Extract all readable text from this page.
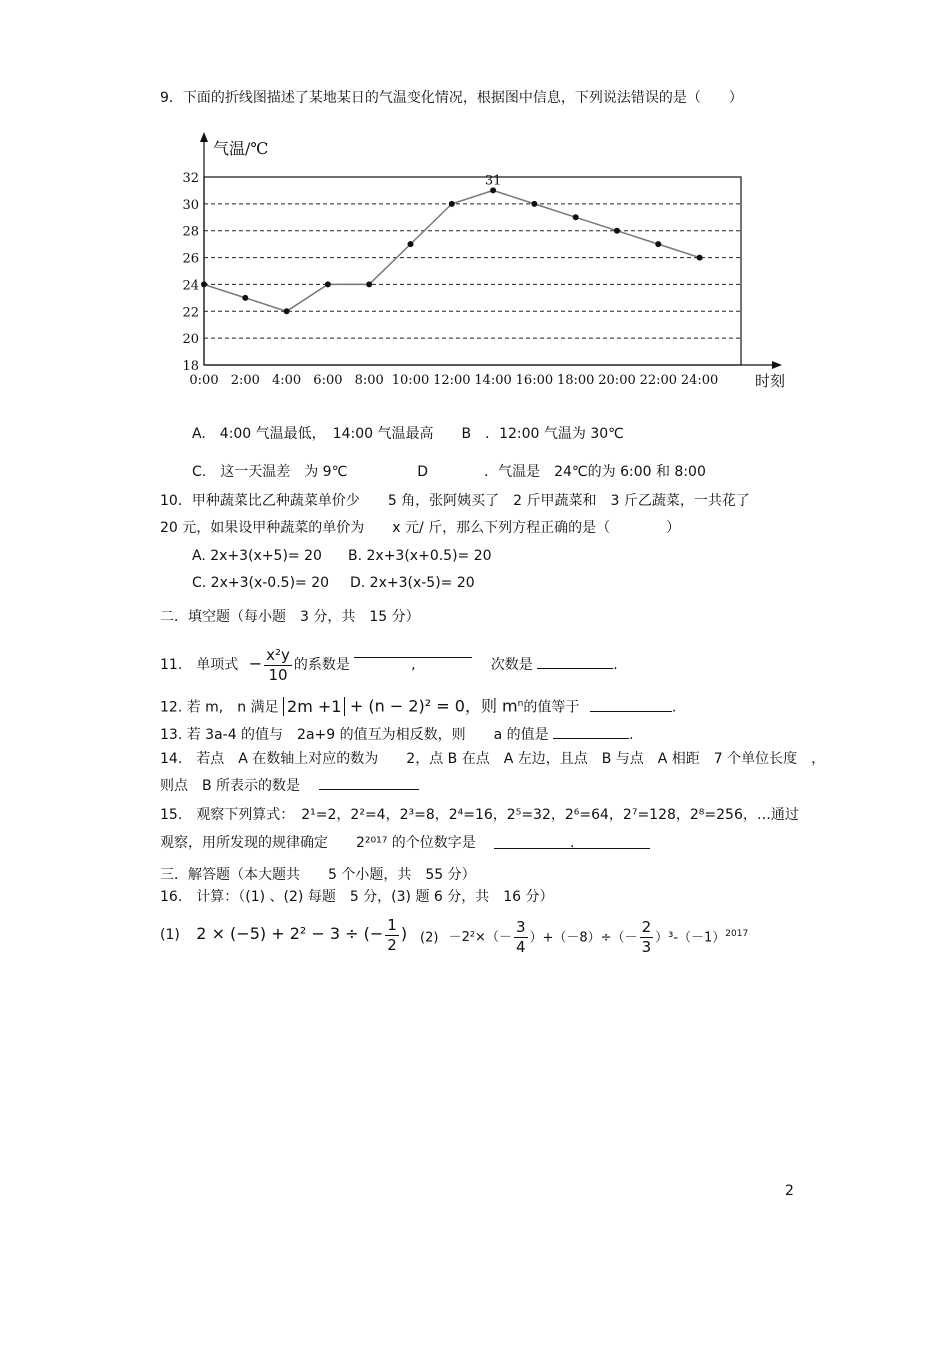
9．下面的折线图描述了某地某日的气温变化情况，根据图中信息，下列说法错误的是（　　）
气温/℃
时刻
18
20
22
24
26
28
30
32
0:00 2:00 4:00 6:00 8:00 10:00 12:00 14:00 16:00 18:00 20:00 22:00 24:00
31
A.　4:00 气温最低，　14:00 气温最高　　B　．12:00 气温为 30℃
C.　这一天温差　为 9℃　　　　　D　　　　．气温是　24℃的为 6:00 和 8:00
10．甲种蔬菜比乙种蔬菜单价少　　5 角，张阿姨买了　2 斤甲蔬菜和　3 斤乙蔬菜，一共花了
20 元，如果设甲种蔬菜的单价为　　x 元/ 斤，那么下列方程正确的是（　　　　）
A. 2x+3(x+5)= 20 B. 2x+3(x+0.5)= 20
C. 2x+3(x-0.5)= 20 D. 2x+3(x-5)= 20
二．填空题（每小题　3 分，共　15 分）
11.　单项式 − $\frac{\text{x²y}}{10}$ 的系数是	,	次数是	.
12. 若 m,　n 满足 2m +1 + (n − 2)² = 0，则 $m^n$的值等于	.
13. 若 3a-4 的值与　2a+9 的值互为相反数，则　　a 的值是	.
14.　若点　A 在数轴上对应的数为　　2，点 B 在点　A 左边，且点　B 与点　A 相距　7 个单位长度　，
则点　B 所表示的数是
15.　观察下列算式：　2¹=2，2²=4，2³=8，2⁴=16，2⁵=32，2⁶=64，2⁷=128，2⁸=256，…通过
观察，用所发现的规律确定　　2²⁰¹⁷ 的个位数字是	.
三．解答题（本大题共　　5 个小题，共　55 分）
16.　计算：（(1) 、(2) 每题　5 分，(3) 题 6 分，共　16 分）
(1) 2 × (−5) + 2² − 3 ÷ (− $\frac{1}{2}$ ) $(2) -2^2\times(- \frac{3}{4} )+(-8)\div(- \frac{2}{3} )^3-(-1)^{2017}$
2
